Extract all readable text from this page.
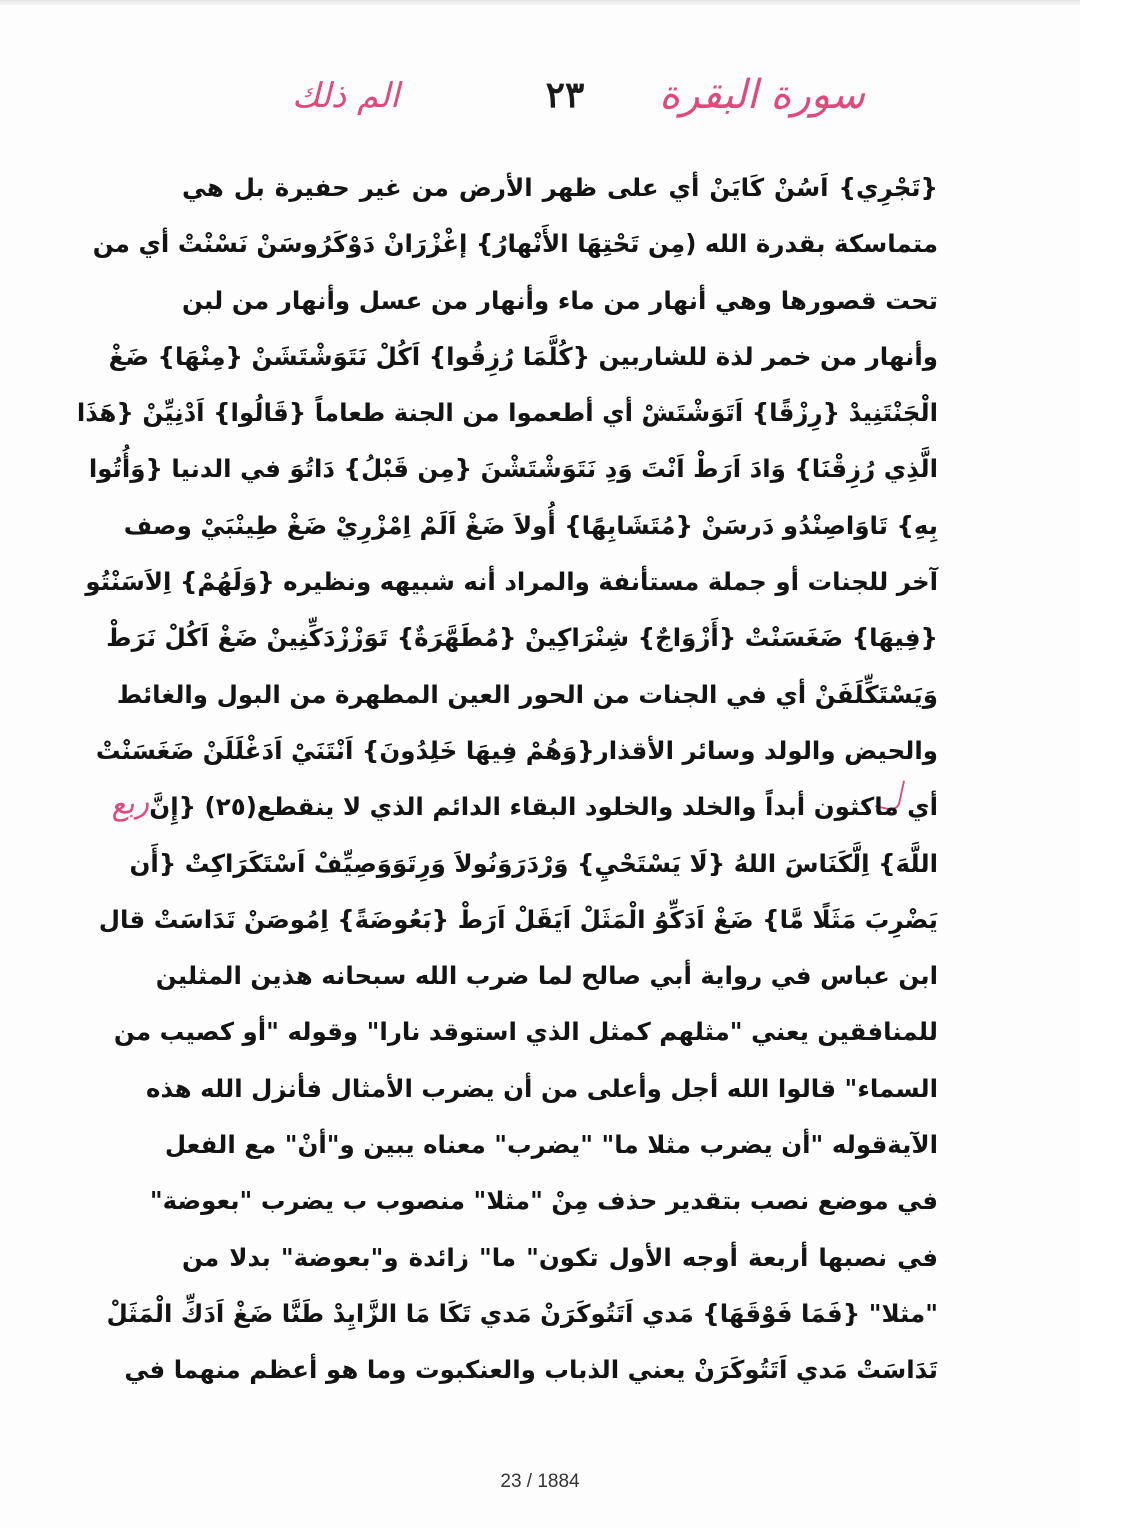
سورة البقرة
٢٣
الم ذلك
ربع
{تَجْرِي} اَسُنْ كَايَنْ أي على ظهر الأرض من غير حفيرة بل هي
متماسكة بقدرة الله (مِن تَحْتِهَا الأَنْهارُ} إغْزْرَانْ دَوْكَرُوسَنْ نَسْنْتْ أي من
تحت قصورها وهي أنهار من ماء وأنهار من عسل وأنهار من لبن
وأنهار من خمر لذة للشاربين {كُلَّمَا رُزِقُوا} اَكُلْ نَتَوَشْتَشَنْ {مِنْهَا} ضَغْ
الْجَنْتَنِيدْ {رِزْقًا} اَتَوَشْتَشْ أي أطعموا من الجنة طعاماً {قَالُوا} اَدْنِيِّنْ {هَذَا
الَّذِي رُزِقْنَا} وَادَ اَرَطْ اَنْتَ وَدِ نَتَوَشْتَشْنَ {مِن قَبْلُ} دَاتُوَ في الدنيا {وَأُتُوا
بِهِ} تَاوَاصِنْدُو دَرسَنْ {مُتَشَابِهًا} أُولاَ ضَغْ اَلَمْ اِمْزْرِيْ ضَغْ طِينْبَيْ وصف
آخر للجنات أو جملة مستأنفة والمراد أنه شبيهه ونظيره {وَلَهُمْ} اِلاَسَنْتُو
{فِيهَا} ضَغَسَنْتْ {أَزْوَاجٌ} شِنْرَاكِينْ {مُطَهَّرَةٌ} تَوَزْزْدَكِّنِينْ ضَغْ اَكُلْ نَرَطْ
وَيَسْتَكِّلَفَنْ أي في الجنات من الحور العين المطهرة من البول والغائط
والحيض والولد وسائر الأقذار{وَهُمْ فِيهَا خَلِدُونَ} اَنْتَنَيْ اَدَغْلَلَنْ ضَغَسَنْتْ
أي ماكثون أبداً والخلد والخلود البقاء الدائم الذي لا ينقطع(٢٥) {إِنَّ
اللَّهَ} اِلَّكَنَاسَ اللهُ {لَا يَسْتَحْيِ} وَرْدَرَوَنُولاَ وَرِتَوَوَصِيِّفْ اَسْتَكَرَاكِتْ {أَن
يَضْرِبَ مَثَلًا مَّا} ضَغْ اَدَكِّوُ الْمَثَلْ اَيَقَلْ اَرَطْ {بَعُوضَةً} اِمُوصَنْ تَدَاسَتْ قال
ابن عباس في رواية أبي صالح لما ضرب الله سبحانه هذين المثلين
للمنافقين يعني "مثلهم كمثل الذي استوقد نارا" وقوله "أو كصيب من
السماء" قالوا الله أجل وأعلى من أن يضرب الأمثال فأنزل الله هذه
الآيةقوله "أن يضرب مثلا ما" "يضرب" معناه يبين و"أنْ" مع الفعل
في موضع نصب بتقدير حذف مِنْ "مثلا" منصوب ب يضرب "بعوضة"
في نصبها أربعة أوجه الأول تكون" ما" زائدة و"بعوضة" بدلا من
"مثلا" {فَمَا فَوْقَهَا} مَدي اَتَتُوكَرَنْ مَدي تَكَا مَا الزَّايِدْ طَنَّا ضَغْ اَدَكِّ الْمَثَلْ
تَدَاسَتْ مَدي اَتَتُوكَرَنْ يعني الذباب والعنكبوت وما هو أعظم منهما في
23 / 1884
